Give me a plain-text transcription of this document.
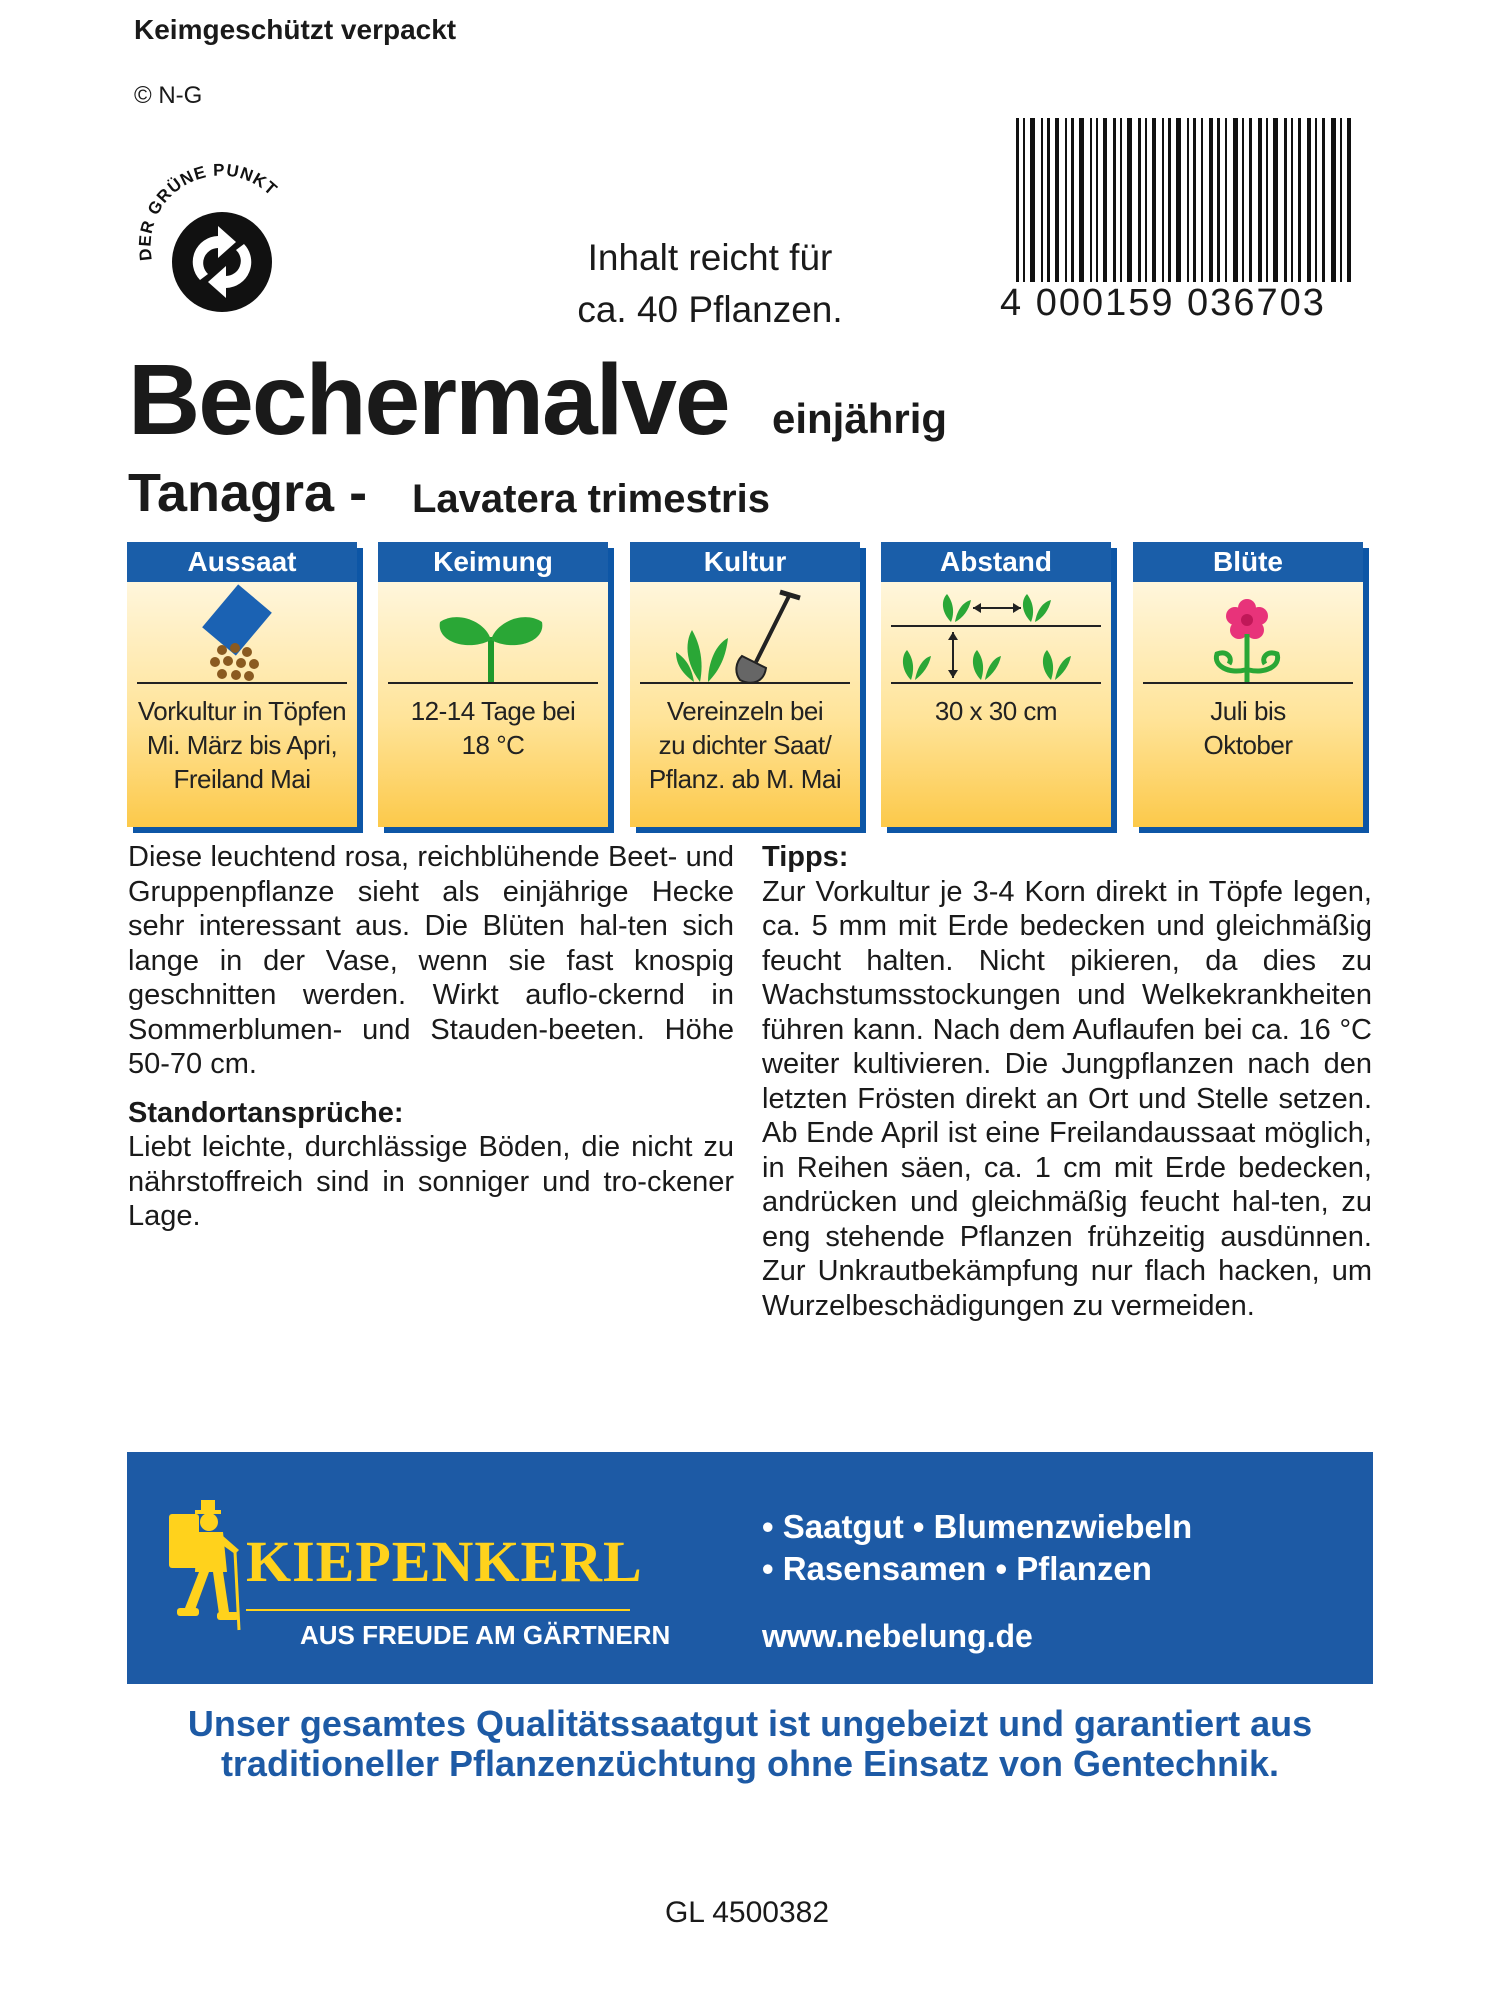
Keimgeschützt verpackt
© N-G
DER GRÜNE PUNKT
Inhalt reicht für
ca. 40 Pflanzen.	4 000159 036703
Bechermalve einjährig
Tanagra - Lavatera trimestris
Aussaat
Vorkultur in Töpfen
Mi. März bis Apri,
Freiland Mai
Keimung
12-14 Tage bei
18 °C
Kultur
Vereinzeln bei
zu dichter Saat/
Pflanz. ab M. Mai
Abstand
30 x 30 cm
Blüte
Juli bis
Oktober

Diese leuchtend rosa, reichblühende Beet- und Gruppenpflanze sieht als einjährige Hecke sehr interessant aus. Die Blüten hal-ten sich lange in der Vase, wenn sie fast knospig geschnitten werden. Wirkt auflo-ckernd in Sommerblumen- und Stauden-beeten. Höhe 50-70 cm.

Standortansprüche:
Liebt leichte, durchlässige Böden, die nicht zu nährstoffreich sind in sonniger und tro-ckener Lage.
Tipps:
Zur Vorkultur je 3-4 Korn direkt in Töpfe legen, ca. 5 mm mit Erde bedecken und gleichmäßig feucht halten. Nicht pikieren, da dies zu Wachstumsstockungen und Welkekrankheiten führen kann. Nach dem Auflaufen bei ca. 16 °C weiter kultivieren. Die Jungpflanzen nach den letzten Frösten direkt an Ort und Stelle setzen. Ab Ende April ist eine Freilandaussaat möglich, in Reihen säen, ca. 1 cm mit Erde bedecken, andrücken und gleichmäßig feucht hal-ten, zu eng stehende Pflanzen frühzeitig ausdünnen. Zur Unkrautbekämpfung nur flach hacken, um Wurzelbeschädigungen zu vermeiden.
KIEPENKERL
AUS FREUDE AM GÄRTNERN
• Saatgut • Blumenzwiebeln
• Rasensamen • Pflanzen
www.nebelung.de
Unser gesamtes Qualitätssaatgut ist ungebeizt und garantiert aus
traditioneller Pflanzenzüchtung ohne Einsatz von Gentechnik.
GL 4500382
